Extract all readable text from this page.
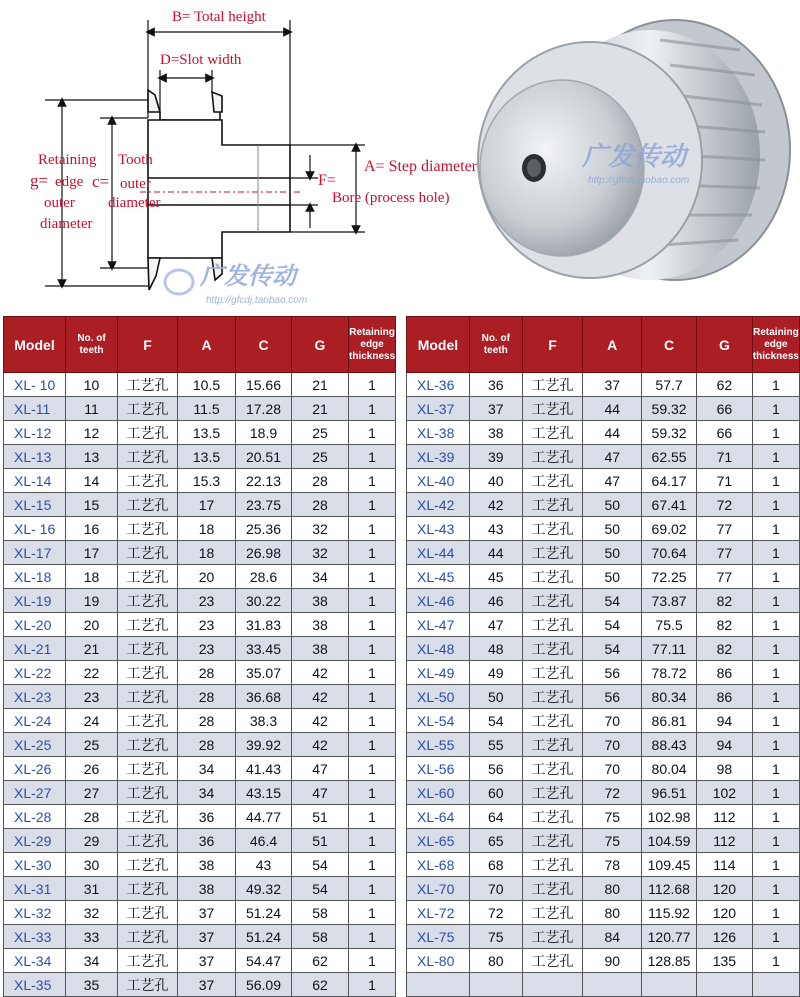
B= Total height
D=Slot width
Retaining Tooth
g= edge c= outer
outer diameter
diameter
F=
A= Step diameter
Bore (process hole)
广发传动
http://gfcdj.taobao.com
广发传动
http://gfcdj.taobao.com
Model	No. of teeth	F	A	C	G	Retaining edge thickness
XL- 10	10	工艺孔	10.5	15.66	21	1
XL-11	11	工艺孔	11.5	17.28	21	1
XL-12	12	工艺孔	13.5	18.9	25	1
XL-13	13	工艺孔	13.5	20.51	25	1
XL-14	14	工艺孔	15.3	22.13	28	1
XL-15	15	工艺孔	17	23.75	28	1
XL- 16	16	工艺孔	18	25.36	32	1
XL-17	17	工艺孔	18	26.98	32	1
XL-18	18	工艺孔	20	28.6	34	1
XL-19	19	工艺孔	23	30.22	38	1
XL-20	20	工艺孔	23	31.83	38	1
XL-21	21	工艺孔	23	33.45	38	1
XL-22	22	工艺孔	28	35.07	42	1
XL-23	23	工艺孔	28	36.68	42	1
XL-24	24	工艺孔	28	38.3	42	1
XL-25	25	工艺孔	28	39.92	42	1
XL-26	26	工艺孔	34	41.43	47	1
XL-27	27	工艺孔	34	43.15	47	1
XL-28	28	工艺孔	36	44.77	51	1
XL-29	29	工艺孔	36	46.4	51	1
XL-30	30	工艺孔	38	43	54	1
XL-31	31	工艺孔	38	49.32	54	1
XL-32	32	工艺孔	37	51.24	58	1
XL-33	33	工艺孔	37	51.24	58	1
XL-34	34	工艺孔	37	54.47	62	1
XL-35	35	工艺孔	37	56.09	62	1
Model	No. of teeth	F	A	C	G	Retaining edge thickness
XL-36	36	工艺孔	37	57.7	62	1
XL-37	37	工艺孔	44	59.32	66	1
XL-38	38	工艺孔	44	59.32	66	1
XL-39	39	工艺孔	47	62.55	71	1
XL-40	40	工艺孔	47	64.17	71	1
XL-42	42	工艺孔	50	67.41	72	1
XL-43	43	工艺孔	50	69.02	77	1
XL-44	44	工艺孔	50	70.64	77	1
XL-45	45	工艺孔	50	72.25	77	1
XL-46	46	工艺孔	54	73.87	82	1
XL-47	47	工艺孔	54	75.5	82	1
XL-48	48	工艺孔	54	77.11	82	1
XL-49	49	工艺孔	56	78.72	86	1
XL-50	50	工艺孔	56	80.34	86	1
XL-54	54	工艺孔	70	86.81	94	1
XL-55	55	工艺孔	70	88.43	94	1
XL-56	56	工艺孔	70	80.04	98	1
XL-60	60	工艺孔	72	96.51	102	1
XL-64	64	工艺孔	75	102.98	112	1
XL-65	65	工艺孔	75	104.59	112	1
XL-68	68	工艺孔	78	109.45	114	1
XL-70	70	工艺孔	80	112.68	120	1
XL-72	72	工艺孔	80	115.92	120	1
XL-75	75	工艺孔	84	120.77	126	1
XL-80	80	工艺孔	90	128.85	135	1
